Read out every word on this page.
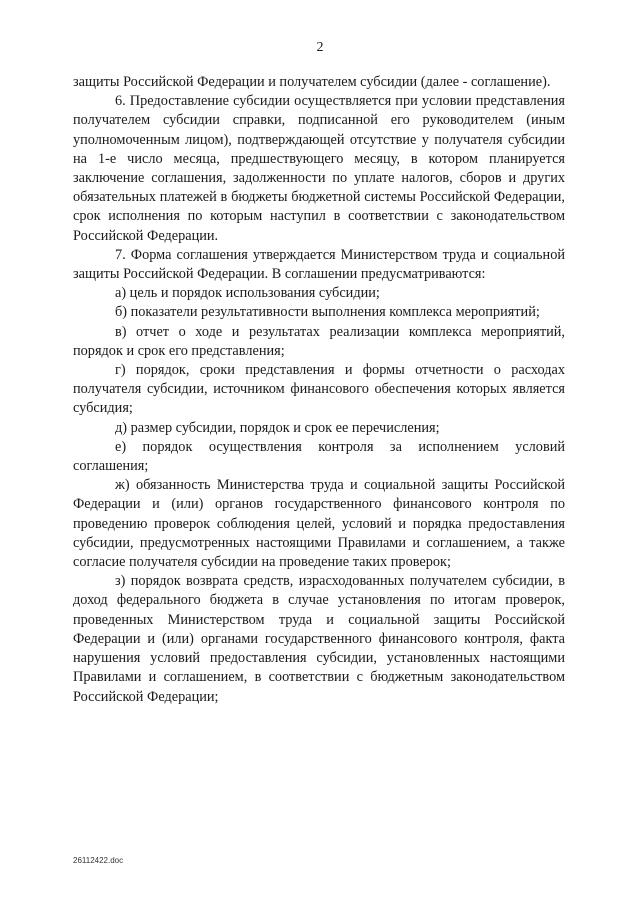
2

защиты Российской Федерации и получателем субсидии (далее - соглашение).

6. Предоставление субсидии осуществляется при условии представления получателем субсидии справки, подписанной его руководителем (иным уполномоченным лицом), подтверждающей отсутствие у получателя субсидии на 1-е число месяца, предшествующего месяцу, в котором планируется заключение соглашения, задолженности по уплате налогов, сборов и других обязательных платежей в бюджеты бюджетной системы Российской Федерации, срок исполнения по которым наступил в соответствии с законодательством Российской Федерации.

7. Форма соглашения утверждается Министерством труда и социальной защиты Российской Федерации. В соглашении предусматриваются:

а) цель и порядок использования субсидии;

б) показатели результативности выполнения комплекса мероприятий;

в) отчет о ходе и результатах реализации комплекса мероприятий, порядок и срок его представления;

г) порядок, сроки представления и формы отчетности о расходах получателя субсидии, источником финансового обеспечения которых является субсидия;

д) размер субсидии, порядок и срок ее перечисления;

е) порядок осуществления контроля за исполнением условий соглашения;

ж) обязанность Министерства труда и социальной защиты Российской Федерации и (или) органов государственного финансового контроля по проведению проверок соблюдения целей, условий и порядка предоставления субсидии, предусмотренных настоящими Правилами и соглашением, а также согласие получателя субсидии на проведение таких проверок;

з) порядок возврата средств, израсходованных получателем субсидии, в доход федерального бюджета в случае установления по итогам проверок, проведенных Министерством труда и социальной защиты Российской Федерации и (или) органами государственного финансового контроля, факта нарушения условий предоставления субсидии, установленных настоящими Правилами и соглашением, в соответствии с бюджетным законодательством Российской Федерации;

26112422.doc
